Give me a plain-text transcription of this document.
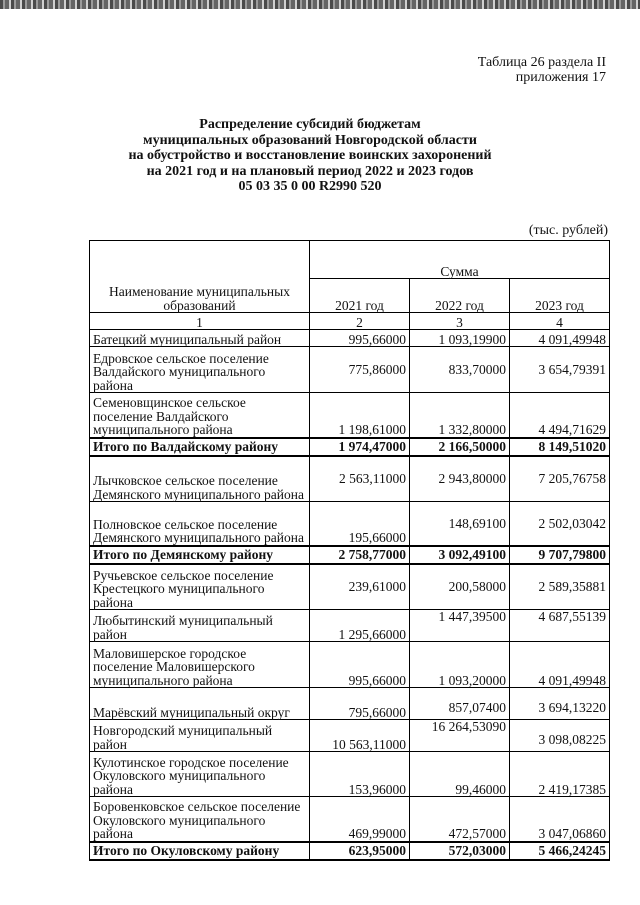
Таблица 26 раздела II
приложения 17
Распределение субсидий бюджетам
муниципальных образований Новгородской области
на обустройство и восстановление воинских захоронений
на 2021 год и на плановый период 2022 и 2023 годов
05 03 35 0 00 R2990 520
(тыс. рублей)
Наименование муниципальных образований	Сумма		
	2021 год	2022 год	2023 год
1	2	3	4
Батецкий муниципальный район	995,66000	1 093,19900	4 091,49948
Едровское сельское поселение Валдайского муниципального района	775,86000	833,70000	3 654,79391
Семеновщинское сельское поселение Валдайского муниципального района	1 198,61000	1 332,80000	4 494,71629
Итого по Валдайскому району	1 974,47000	2 166,50000	8 149,51020
Лычковское сельское поселение Демянского муниципального района	2 563,11000	2 943,80000	7 205,76758
Полновское сельское поселение Демянского муниципального района	195,66000	148,69100	2 502,03042
Итого по Демянскому району	2 758,77000	3 092,49100	9 707,79800
Ручьевское сельское поселение Крестецкого муниципального района	239,61000	200,58000	2 589,35881
Любытинский муниципальный район	1 295,66000	1 447,39500	4 687,55139
Маловишерское городское поселение Маловишерского муниципального района	995,66000	1 093,20000	4 091,49948
Марёвский муниципальный округ	795,66000	857,07400	3 694,13220
Новгородский муниципальный район	10 563,11000	16 264,53090	3 098,08225
Кулотинское городское поселение Окуловского муниципального района	153,96000	99,46000	2 419,17385
Боровенковское сельское поселение Окуловского муниципального района	469,99000	472,57000	3 047,06860
Итого по Окуловскому району	623,95000	572,03000	5 466,24245
